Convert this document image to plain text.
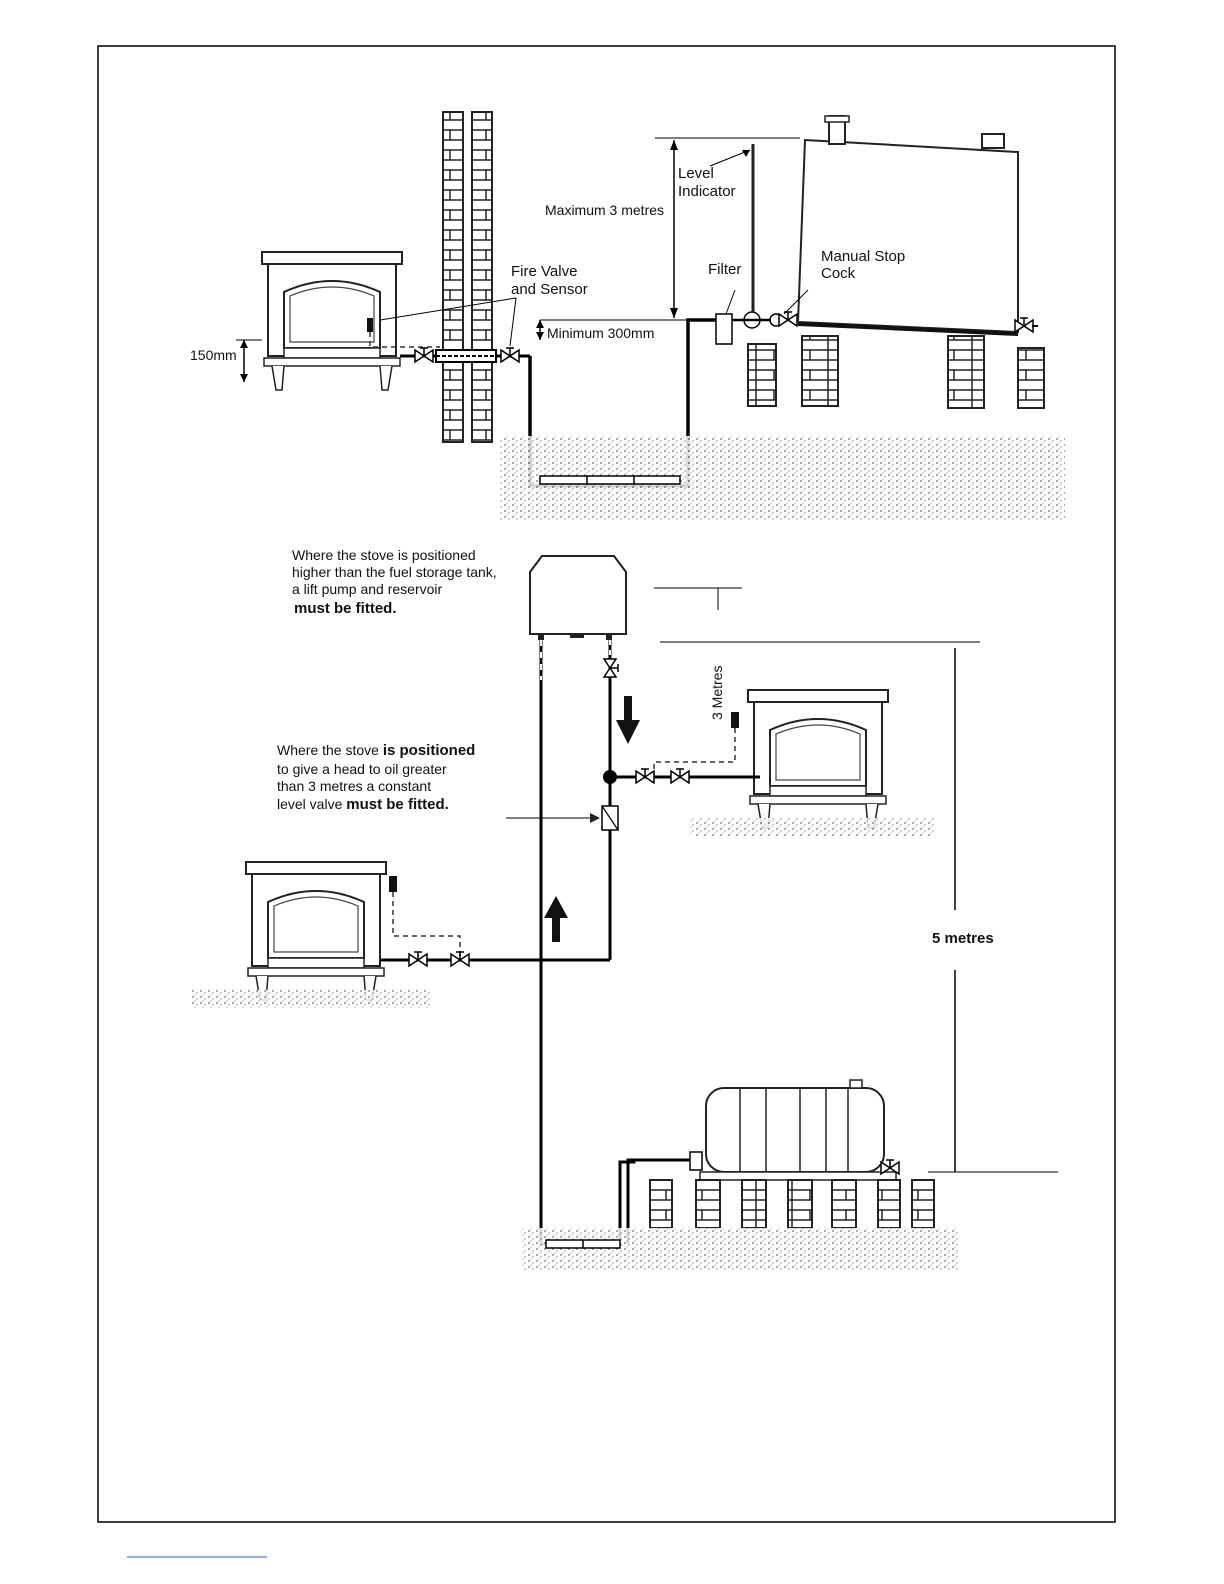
Level
Indicator
Maximum 3 metres
Filter
Manual Stop
Cock
Fire Valve
and Sensor
Minimum 300mm
150mm
3 Metres
5 metres
Where the stove is positioned
higher than the fuel storage tank,
a lift pump and reservoir
must be fitted.
Where the stove is positioned
to give a head to oil greater
than 3 metres a constant
level valve must be fitted.
